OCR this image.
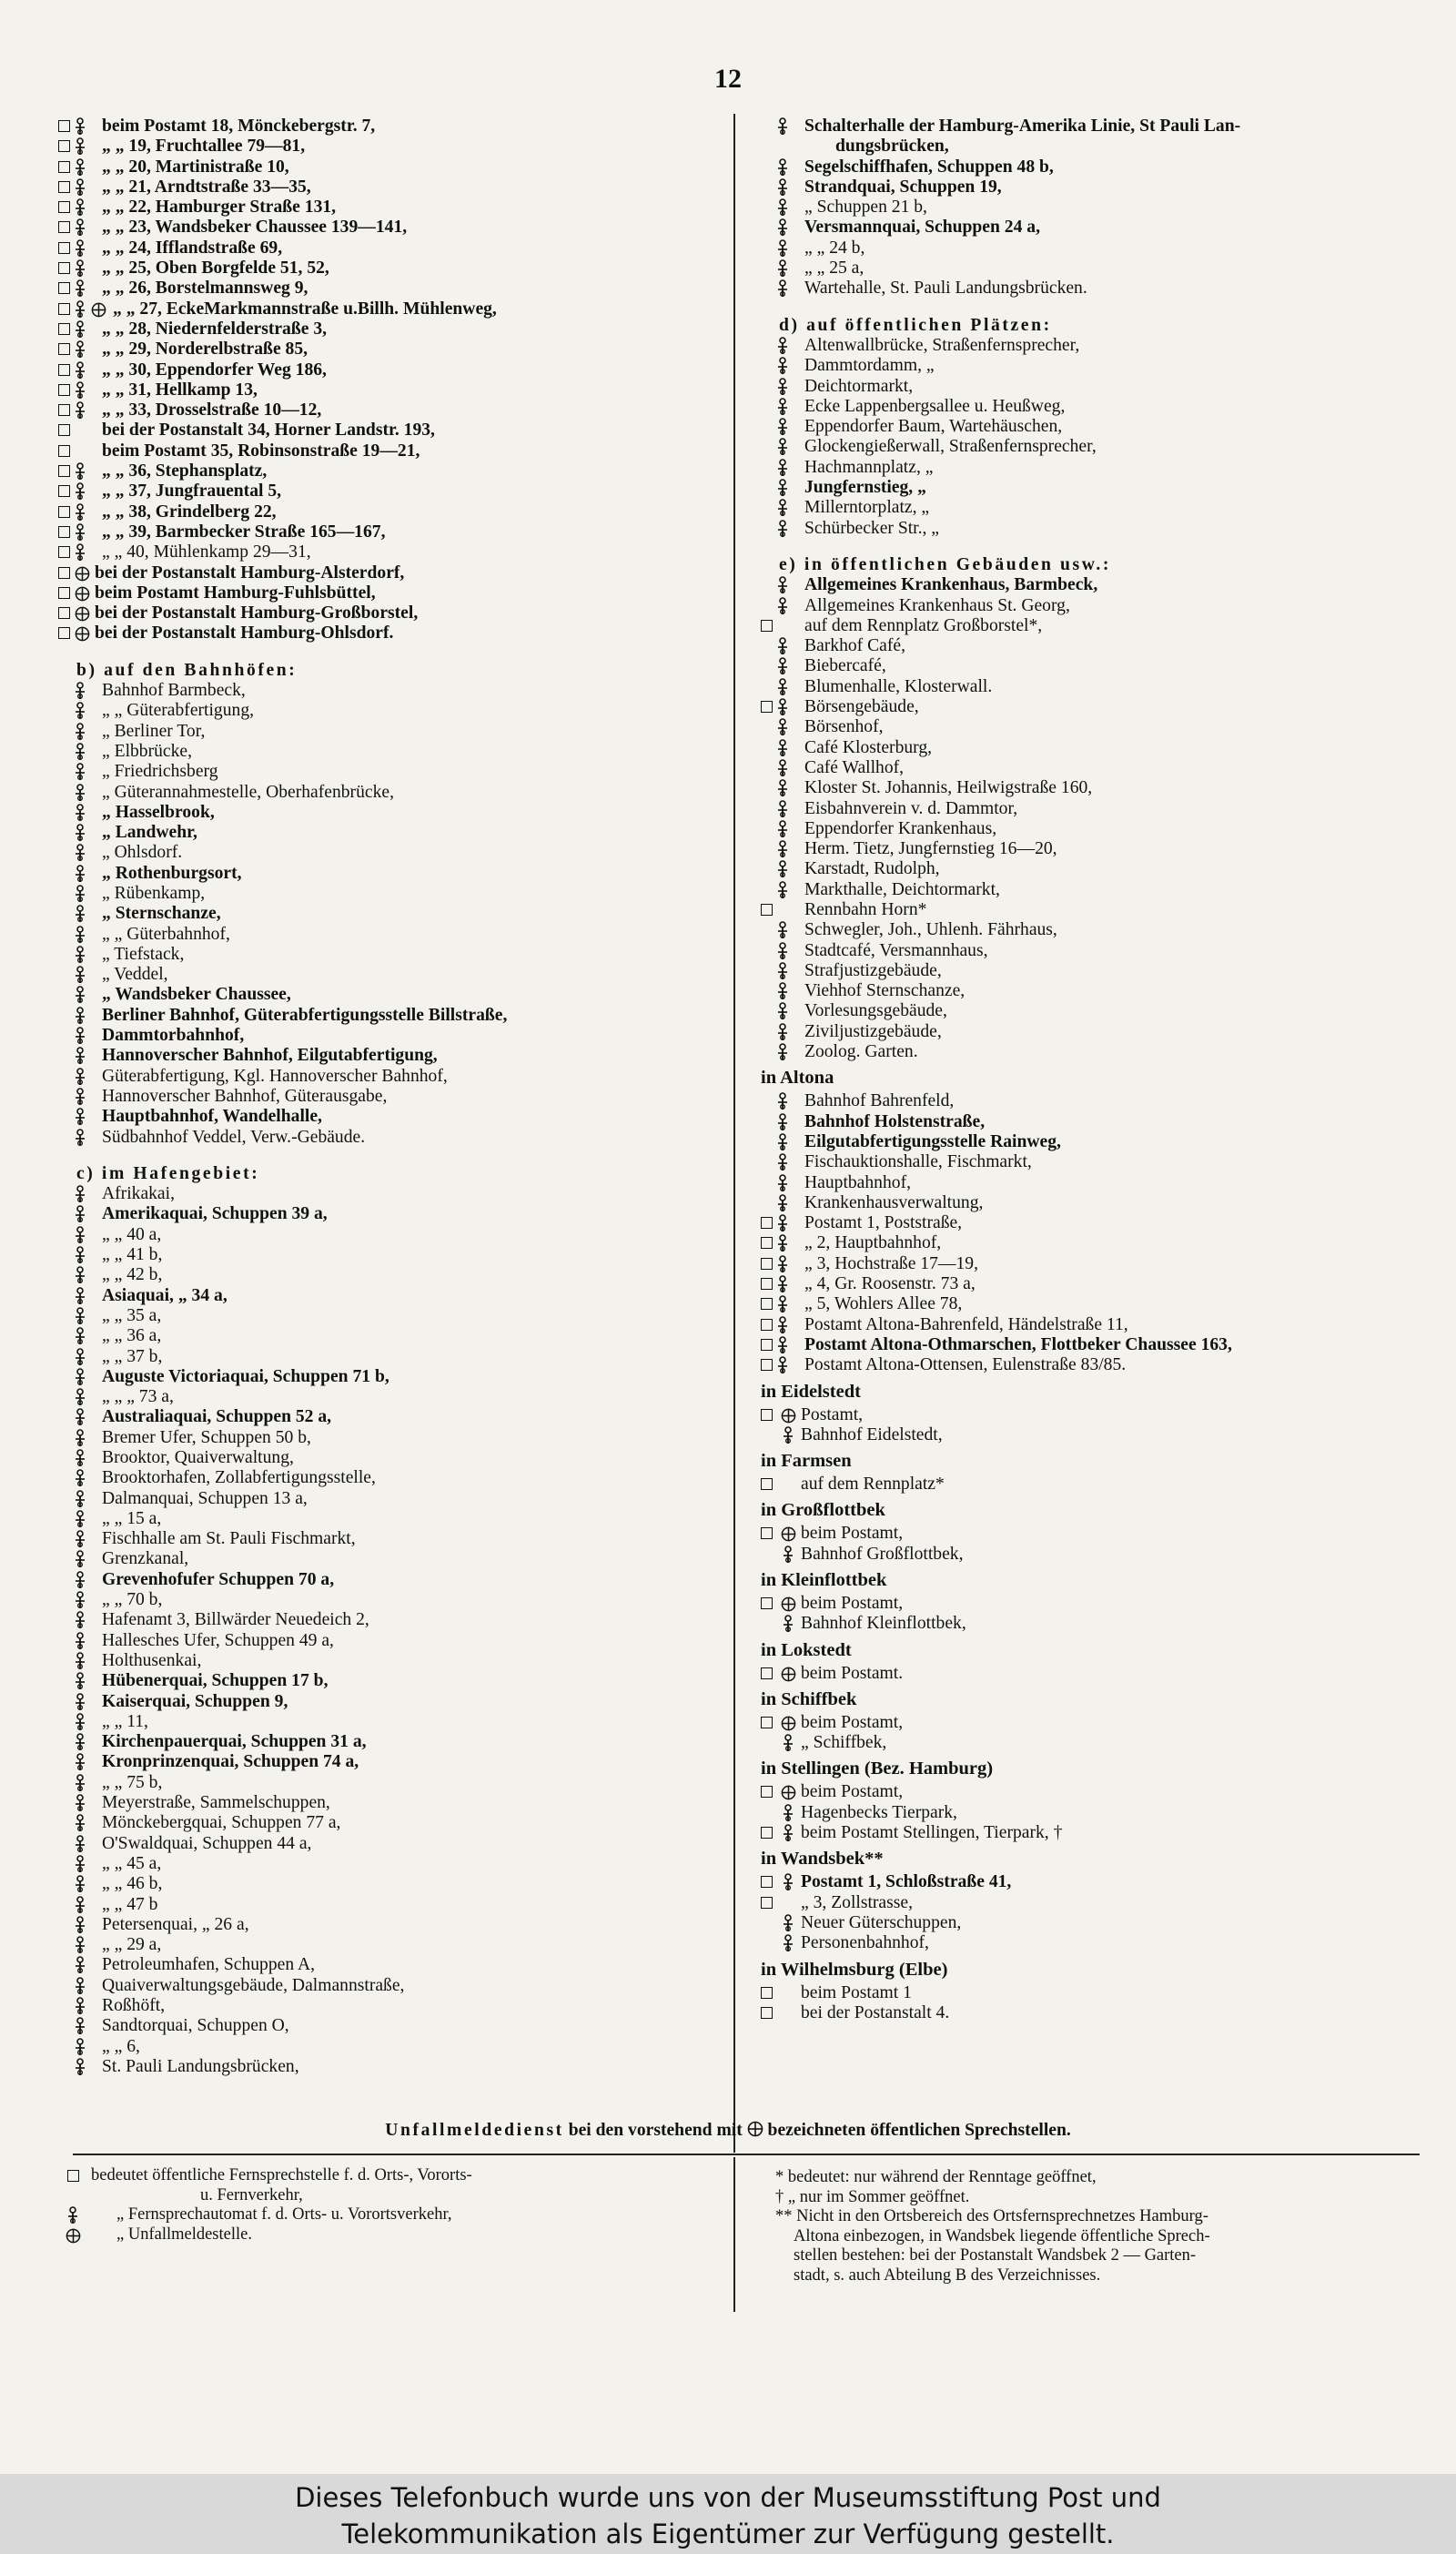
12
beim Postamt 18, Mönckebergstr. 7,
„ „ 19, Fruchtallee 79—81,
„ „ 20, Martinistraße 10,
„ „ 21, Arndtstraße 33—35,
„ „ 22, Hamburger Straße 131,
„ „ 23, Wandsbeker Chaussee 139—141,
„ „ 24, Ifflandstraße 69,
„ „ 25, Oben Borgfelde 51, 52,
„ „ 26, Borstelmannsweg 9,
„ „ 27, EckeMarkmannstraße u.Billh. Mühlenweg,
„ „ 28, Niedernfelderstraße 3,
„ „ 29, Norderelbstraße 85,
„ „ 30, Eppendorfer Weg 186,
„ „ 31, Hellkamp 13,
„ „ 33, Drosselstraße 10—12,
bei der Postanstalt 34, Horner Landstr. 193,
beim Postamt 35, Robinsonstraße 19—21,
„ „ 36, Stephansplatz,
„ „ 37, Jungfrauental 5,
„ „ 38, Grindelberg 22,
„ „ 39, Barmbecker Straße 165—167,
„ „ 40, Mühlenkamp 29—31,
bei der Postanstalt Hamburg-Alsterdorf,
beim Postamt Hamburg-Fuhlsbüttel,
bei der Postanstalt Hamburg-Großborstel,
bei der Postanstalt Hamburg-Ohlsdorf.
b) auf den Bahnhöfen:
Bahnhof Barmbeck,
„ „ Güterabfertigung,
„ Berliner Tor,
„ Elbbrücke,
„ Friedrichsberg
„ Güterannahmestelle, Oberhafenbrücke,
„ Hasselbrook,
„ Landwehr,
„ Ohlsdorf.
„ Rothenburgsort,
„ Rübenkamp,
„ Sternschanze,
„ „ Güterbahnhof,
„ Tiefstack,
„ Veddel,
„ Wandsbeker Chaussee,
Berliner Bahnhof, Güterabfertigungsstelle Billstraße,
Dammtorbahnhof,
Hannoverscher Bahnhof, Eilgutabfertigung,
Güterabfertigung, Kgl. Hannoverscher Bahnhof,
Hannoverscher Bahnhof, Güterausgabe,
Hauptbahnhof, Wandelhalle,
Südbahnhof Veddel, Verw.-Gebäude.
c) im Hafengebiet:
Afrikakai,
Amerikaquai, Schuppen 39 a,
„ „ 40 a,
„ „ 41 b,
„ „ 42 b,
Asiaquai, „ 34 a,
„ „ 35 a,
„ „ 36 a,
„ „ 37 b,
Auguste Victoriaquai, Schuppen 71 b,
„ „ „ 73 a,
Australiaquai, Schuppen 52 a,
Bremer Ufer, Schuppen 50 b,
Brooktor, Quaiverwaltung,
Brooktorhafen, Zollabfertigungsstelle,
Dalmanquai, Schuppen 13 a,
„ „ 15 a,
Fischhalle am St. Pauli Fischmarkt,
Grenzkanal,
Grevenhofufer Schuppen 70 a,
„ „ 70 b,
Hafenamt 3, Billwärder Neuedeich 2,
Hallesches Ufer, Schuppen 49 a,
Holthusenkai,
Hübenerquai, Schuppen 17 b,
Kaiserquai, Schuppen 9,
„ „ 11,
Kirchenpauerquai, Schuppen 31 a,
Kronprinzenquai, Schuppen 74 a,
„ „ 75 b,
Meyerstraße, Sammelschuppen,
Mönckebergquai, Schuppen 77 a,
O'Swaldquai, Schuppen 44 a,
„ „ 45 a,
„ „ 46 b,
„ „ 47 b
Petersenquai, „ 26 a,
„ „ 29 a,
Petroleumhafen, Schuppen A,
Quaiverwaltungsgebäude, Dalmannstraße,
Roßhöft,
Sandtorquai, Schuppen O,
„ „ 6,
St. Pauli Landungsbrücken,
Schalterhalle der Hamburg-Amerika Linie, St Pauli Lan-
dungsbrücken,
Segelschiffhafen, Schuppen 48 b,
Strandquai, Schuppen 19,
„ Schuppen 21 b,
Versmannquai, Schuppen 24 a,
„ „ 24 b,
„ „ 25 a,
Wartehalle, St. Pauli Landungsbrücken.
d) auf öffentlichen Plätzen:
Altenwallbrücke, Straßenfernsprecher,
Dammtordamm, „
Deichtormarkt,
Ecke Lappenbergsallee u. Heußweg,
Eppendorfer Baum, Wartehäuschen,
Glockengießerwall, Straßenfernsprecher,
Hachmannplatz, „
Jungfernstieg, „
Millerntorplatz, „
Schürbecker Str., „
e) in öffentlichen Gebäuden usw.:
Allgemeines Krankenhaus, Barmbeck,
Allgemeines Krankenhaus St. Georg,
auf dem Rennplatz Großborstel*,
Barkhof Café,
Biebercafé,
Blumenhalle, Klosterwall.
Börsengebäude,
Börsenhof,
Café Klosterburg,
Café Wallhof,
Kloster St. Johannis, Heilwigstraße 160,
Eisbahnverein v. d. Dammtor,
Eppendorfer Krankenhaus,
Herm. Tietz, Jungfernstieg 16—20,
Karstadt, Rudolph,
Markthalle, Deichtormarkt,
Rennbahn Horn*
Schwegler, Joh., Uhlenh. Fährhaus,
Stadtcafé, Versmannhaus,
Strafjustizgebäude,
Viehhof Sternschanze,
Vorlesungsgebäude,
Ziviljustizgebäude,
Zoolog. Garten.
in Altona
Bahnhof Bahrenfeld,
Bahnhof Holstenstraße,
Eilgutabfertigungsstelle Rainweg,
Fischauktionshalle, Fischmarkt,
Hauptbahnhof,
Krankenhausverwaltung,
Postamt 1, Poststraße,
„ 2, Hauptbahnhof,
„ 3, Hochstraße 17—19,
„ 4, Gr. Roosenstr. 73 a,
„ 5, Wohlers Allee 78,
Postamt Altona-Bahrenfeld, Händelstraße 11,
Postamt Altona-Othmarschen, Flottbeker Chaussee 163,
Postamt Altona-Ottensen, Eulenstraße 83/85.
in Eidelstedt
Postamt,
Bahnhof Eidelstedt,
in Farmsen
auf dem Rennplatz*
in Großflottbek
beim Postamt,
Bahnhof Großflottbek,
in Kleinflottbek
beim Postamt,
Bahnhof Kleinflottbek,
in Lokstedt
beim Postamt.
in Schiffbek
beim Postamt,
„ Schiffbek,
in Stellingen (Bez. Hamburg)
beim Postamt,
Hagenbecks Tierpark,
beim Postamt Stellingen, Tierpark, †
in Wandsbek**
Postamt 1, Schloßstraße 41,
„ 3, Zollstrasse,
Neuer Güterschuppen,
Personenbahnhof,
in Wilhelmsburg (Elbe)
beim Postamt 1
bei der Postanstalt 4.
Unfallmeldedienst bei den vorstehend mit  bezeichneten öffentlichen Sprechstellen.
bedeutet öffentliche Fernsprechstelle f. d. Orts-, Vororts-
u. Fernverkehr,
„ Fernsprechautomat f. d. Orts- u. Vorortsverkehr,
„ Unfallmeldestelle.
* bedeutet: nur während der Renntage geöffnet,
† „ nur im Sommer geöffnet.
** Nicht in den Ortsbereich des Ortsfernsprechnetzes Hamburg-
Altona einbezogen, in Wandsbek liegende öffentliche Sprech-
stellen bestehen: bei der Postanstalt Wandsbek 2 — Garten-
stadt, s. auch Abteilung B des Verzeichnisses.
Dieses Telefonbuch wurde uns von der Museumsstiftung Post und
Telekommunikation als Eigentümer zur Verfügung gestellt.
